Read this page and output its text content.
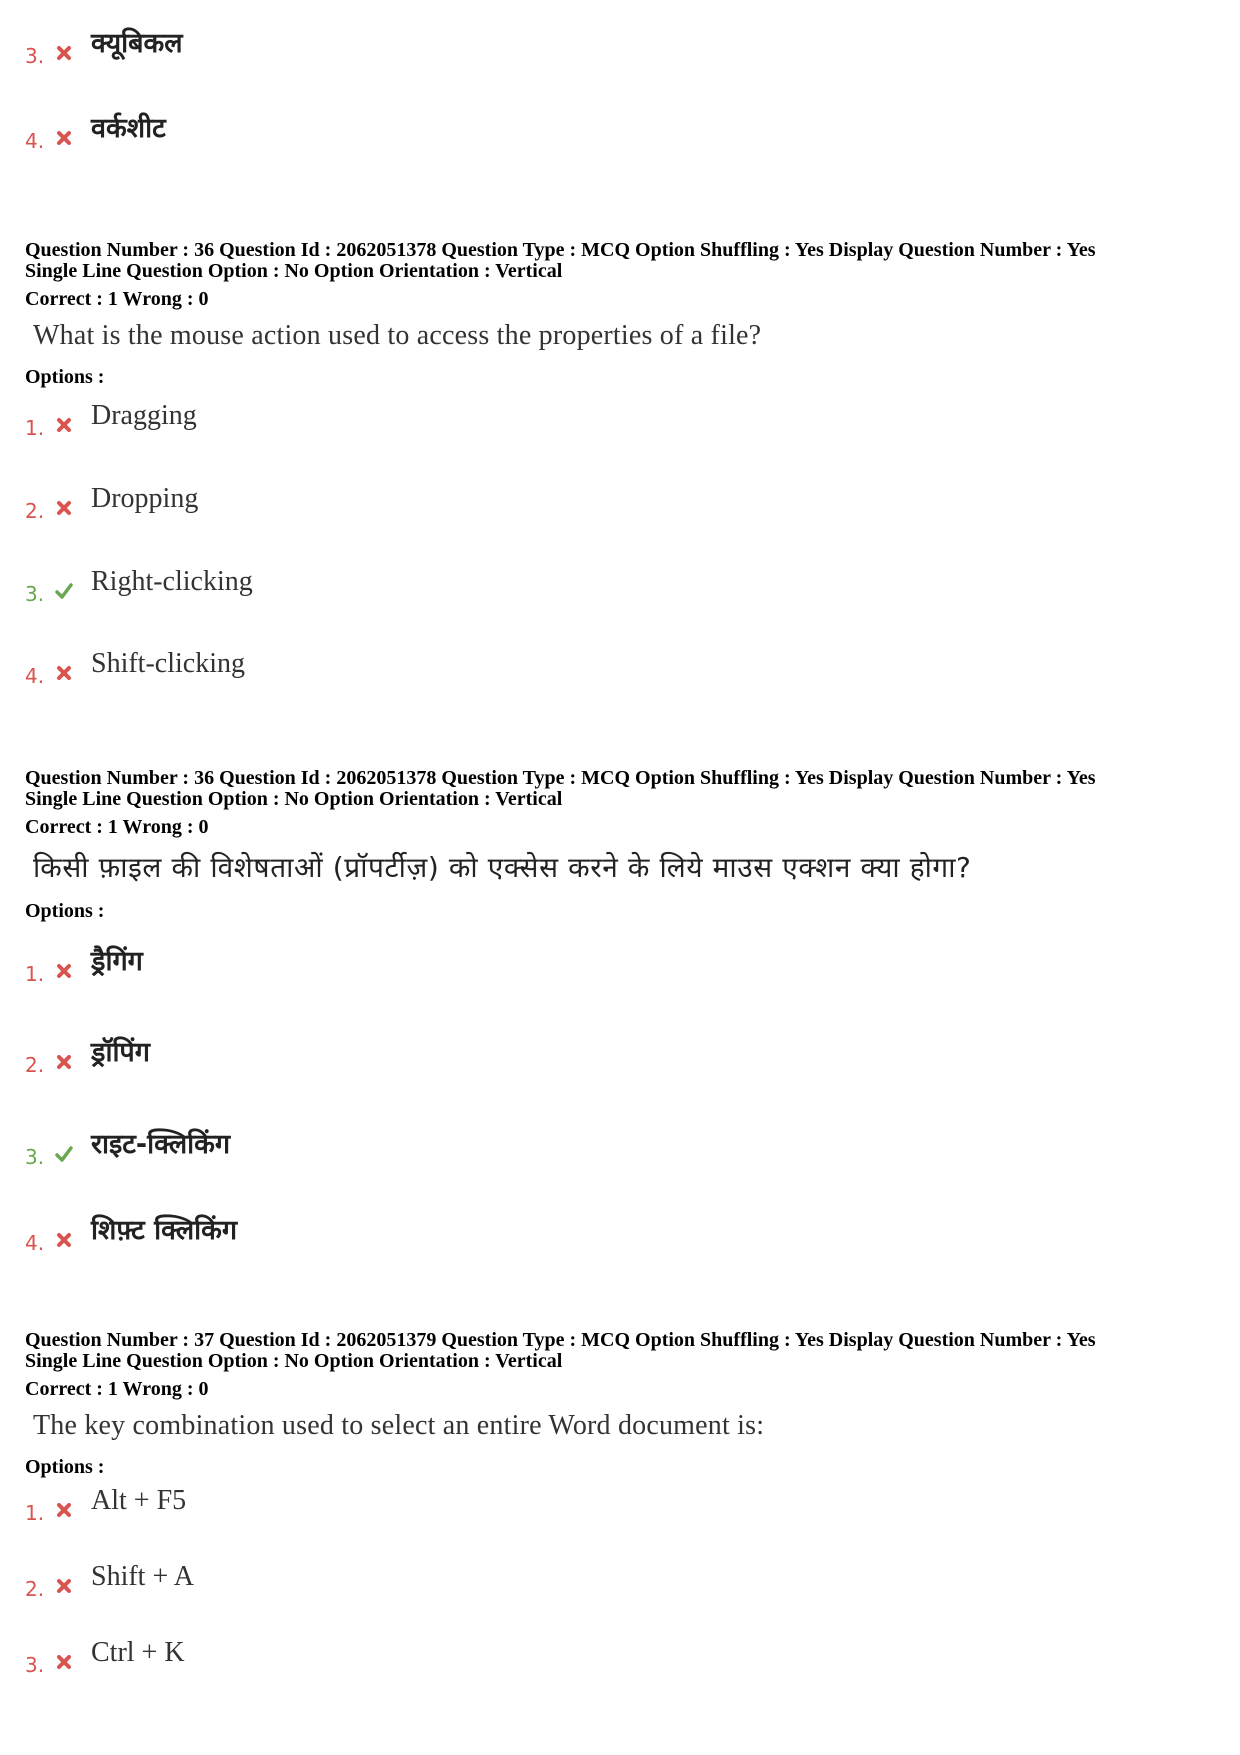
3.	क्यूबिकल
4.	वर्कशीट
Question Number : 36 Question Id : 2062051378 Question Type : MCQ Option Shuffling : Yes Display Question Number : Yes
Single Line Question Option : No Option Orientation : Vertical
Correct : 1 Wrong : 0
What is the mouse action used to access the properties of a file?
Options :
1.	Dragging
2.	Dropping
3.	Right-clicking
4.	Shift-clicking
Question Number : 36 Question Id : 2062051378 Question Type : MCQ Option Shuffling : Yes Display Question Number : Yes
Single Line Question Option : No Option Orientation : Vertical
Correct : 1 Wrong : 0
किसी फ़ाइल की विशेषताओं (प्रॉपर्टीज़) को एक्सेस करने के लिये माउस एक्शन क्या होगा?
Options :
1.	ड्रैगिंग
2.	ड्रॉपिंग
3.	राइट-क्लिकिंग
4.	शिफ़्ट क्लिकिंग
Question Number : 37 Question Id : 2062051379 Question Type : MCQ Option Shuffling : Yes Display Question Number : Yes
Single Line Question Option : No Option Orientation : Vertical
Correct : 1 Wrong : 0
The key combination used to select an entire Word document is:
Options :
1.	Alt + F5
2.	Shift + A
3.	Ctrl + K
